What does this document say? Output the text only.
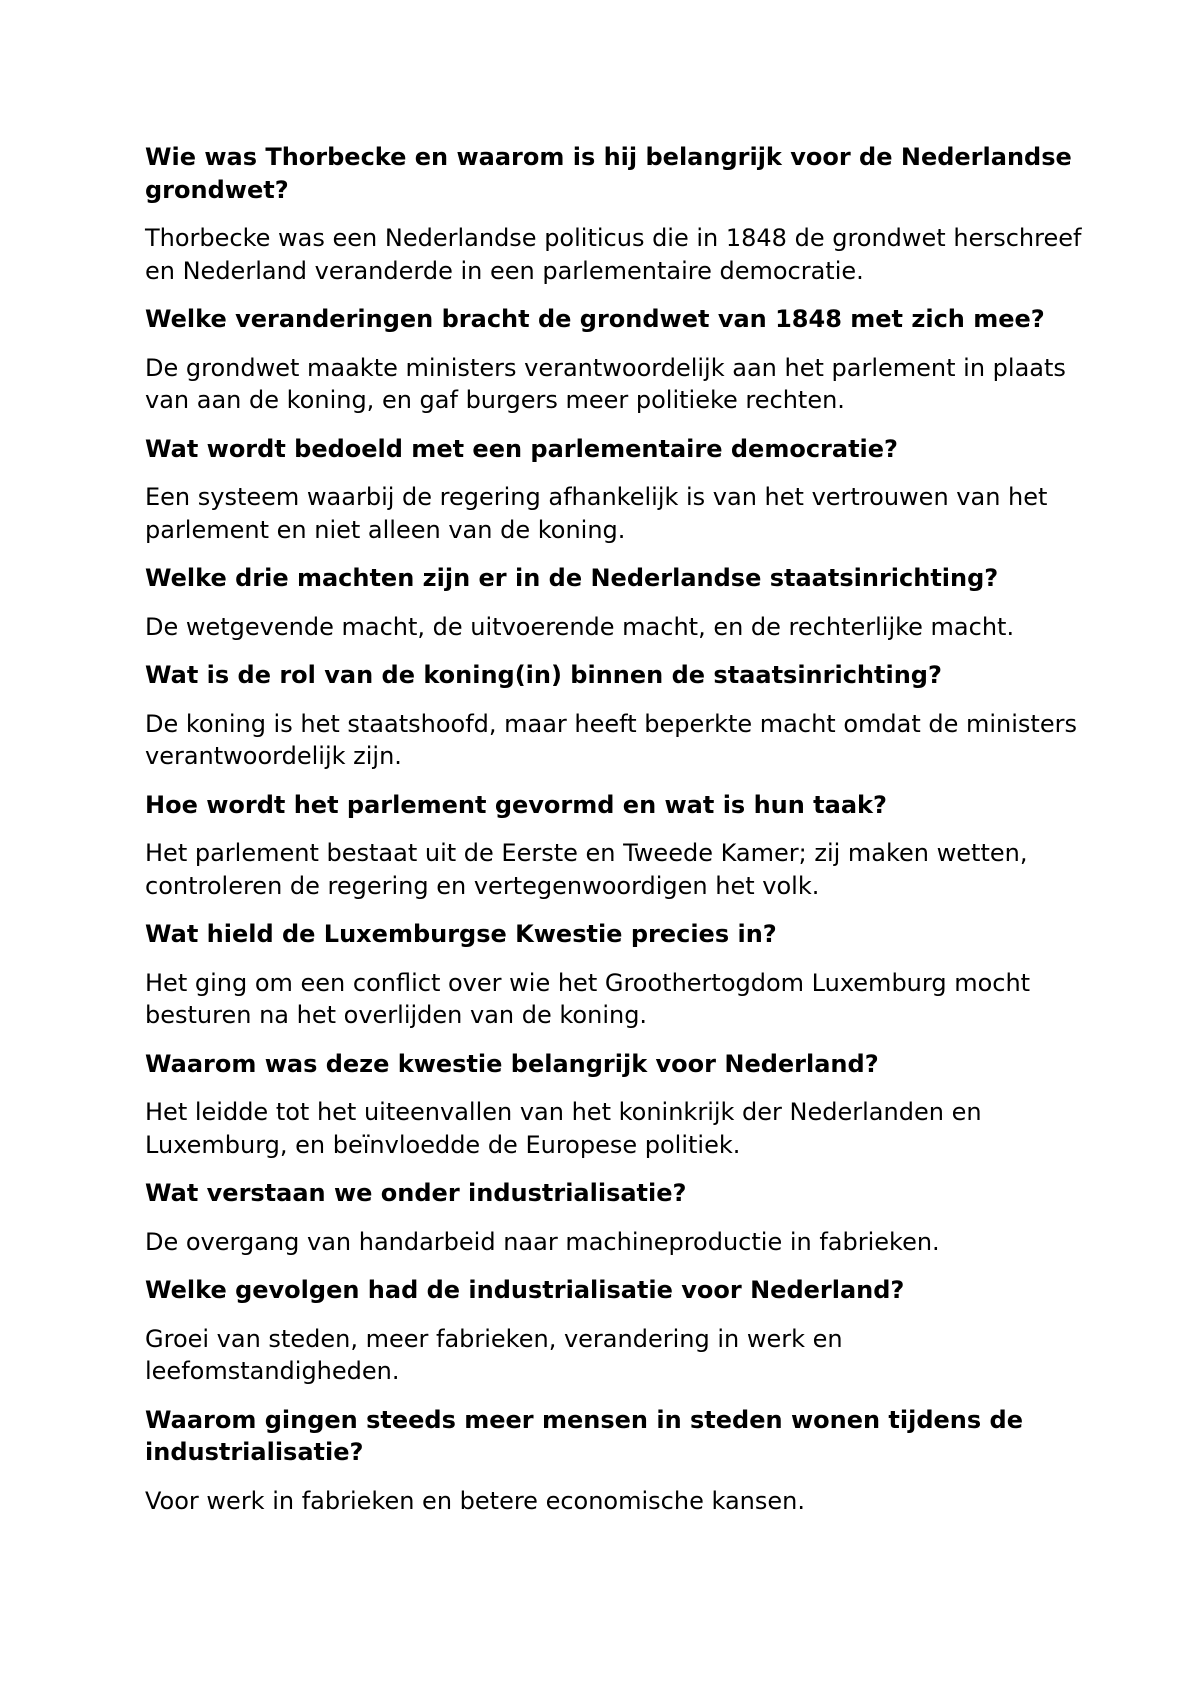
Wie was Thorbecke en waarom is hij belangrijk voor de Nederlandse grondwet?

Thorbecke was een Nederlandse politicus die in 1848 de grondwet herschreef en Nederland veranderde in een parlementaire democratie.

Welke veranderingen bracht de grondwet van 1848 met zich mee?

De grondwet maakte ministers verantwoordelijk aan het parlement in plaats van aan de koning, en gaf burgers meer politieke rechten.

Wat wordt bedoeld met een parlementaire democratie?

Een systeem waarbij de regering afhankelijk is van het vertrouwen van het parlement en niet alleen van de koning.

Welke drie machten zijn er in de Nederlandse staatsinrichting?

De wetgevende macht, de uitvoerende macht, en de rechterlijke macht.

Wat is de rol van de koning(in) binnen de staatsinrichting?

De koning is het staatshoofd, maar heeft beperkte macht omdat de ministers verantwoordelijk zijn.

Hoe wordt het parlement gevormd en wat is hun taak?

Het parlement bestaat uit de Eerste en Tweede Kamer; zij maken wetten, controleren de regering en vertegenwoordigen het volk.

Wat hield de Luxemburgse Kwestie precies in?

Het ging om een conflict over wie het Groothertogdom Luxemburg mocht besturen na het overlijden van de koning.

Waarom was deze kwestie belangrijk voor Nederland?

Het leidde tot het uiteenvallen van het koninkrijk der Nederlanden en Luxemburg, en beïnvloedde de Europese politiek.

Wat verstaan we onder industrialisatie?

De overgang van handarbeid naar machineproductie in fabrieken.

Welke gevolgen had de industrialisatie voor Nederland?

Groei van steden, meer fabrieken, verandering in werk en leefomstandigheden.

Waarom gingen steeds meer mensen in steden wonen tijdens de industrialisatie?

Voor werk in fabrieken en betere economische kansen.
